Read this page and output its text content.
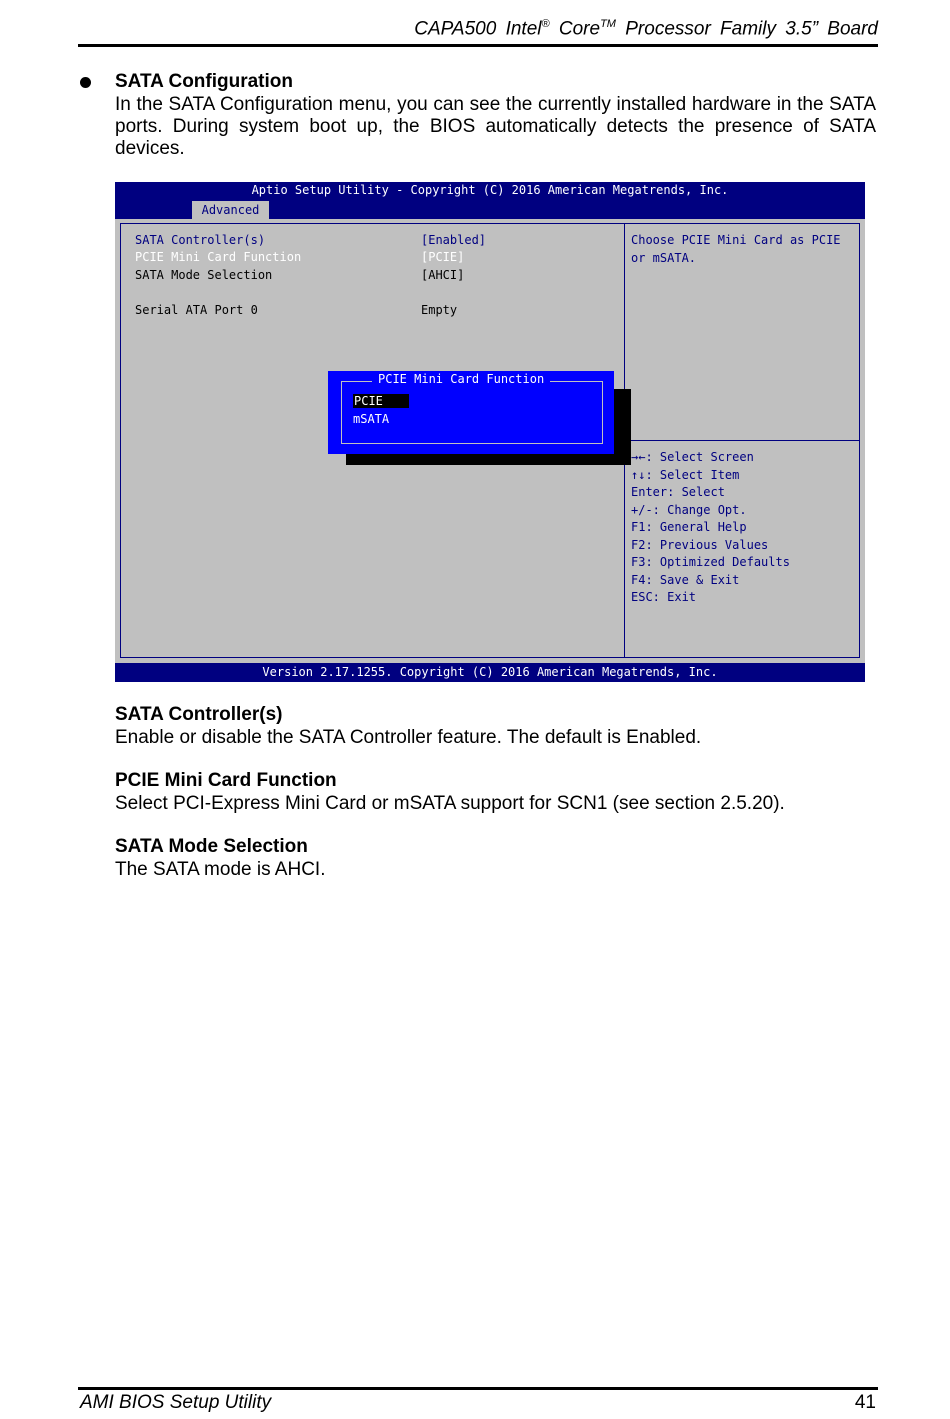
CAPA500 Intel® Core™ Processor Family 3.5” Board
SATA Configuration
In the SATA Configuration menu, you can see the currently installed hardware in the SATA ports. During system boot up, the BIOS automatically detects the presence of SATA devices.
Aptio Setup Utility - Copyright (C) 2016 American Megatrends, Inc.
Advanced
SATA Controller(s)	[Enabled]
PCIE Mini Card Function	[PCIE]
SATA Mode Selection	[AHCI]
Serial ATA Port 0	Empty
Choose PCIE Mini Card as PCIE or mSATA.
→←: Select Screen
↑↓: Select Item
Enter: Select
+/-: Change Opt.
F1: General Help
F2: Previous Values
F3: Optimized Defaults
F4: Save & Exit
ESC: Exit
PCIE Mini Card Function
PCIE
mSATA
Version 2.17.1255. Copyright (C) 2016 American Megatrends, Inc.
SATA Controller(s)
Enable or disable the SATA Controller feature. The default is Enabled.
PCIE Mini Card Function
Select PCI-Express Mini Card or mSATA support for SCN1 (see section 2.5.20).
SATA Mode Selection
The SATA mode is AHCI.
AMI BIOS Setup Utility	41
